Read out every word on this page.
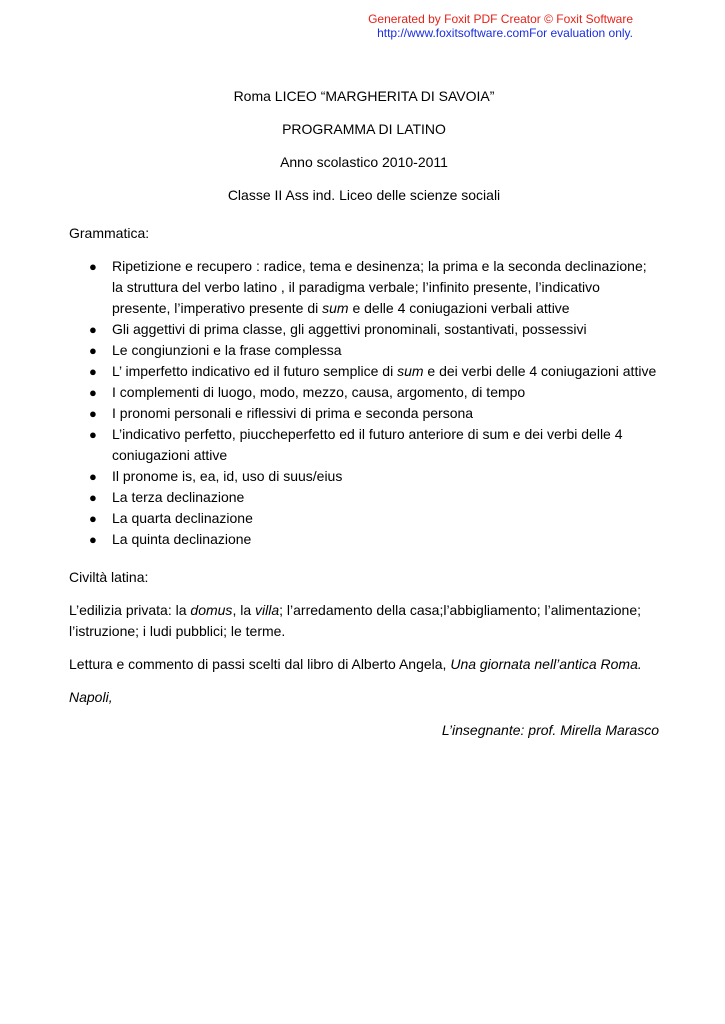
Generated by Foxit PDF Creator © Foxit Software
http://www.foxitsoftware.comFor evaluation only.
Roma LICEO “MARGHERITA DI SAVOIA”
PROGRAMMA DI LATINO
Anno scolastico 2010-2011
Classe II Ass ind. Liceo delle scienze sociali
Grammatica:
● Ripetizione e recupero : radice, tema e desinenza; la prima e la seconda declinazione; la struttura del verbo latino , il paradigma verbale; l’infinito presente, l’indicativo presente, l’imperativo presente di sum e delle 4 coniugazioni verbali attive
● Gli aggettivi di prima classe, gli aggettivi pronominali, sostantivati, possessivi
● Le congiunzioni e la frase complessa
● L’ imperfetto indicativo ed il futuro semplice di sum e dei verbi delle 4 coniugazioni attive
● I complementi di luogo, modo, mezzo, causa, argomento, di tempo
● I pronomi personali e riflessivi di prima e seconda persona
● L’indicativo perfetto, piuccheperfetto ed il futuro anteriore di sum e dei verbi delle 4 coniugazioni attive
● Il pronome is, ea, id, uso di suus/eius
● La terza declinazione
● La quarta declinazione
● La quinta declinazione
Civiltà latina:

L’edilizia privata: la domus, la villa; l’arredamento della casa;l’abbigliamento; l’alimentazione; l’istruzione; i ludi pubblici; le terme.

Lettura e commento di passi scelti dal libro di Alberto Angela, Una giornata nell’antica Roma.

Napoli,

L’insegnante: prof. Mirella Marasco
